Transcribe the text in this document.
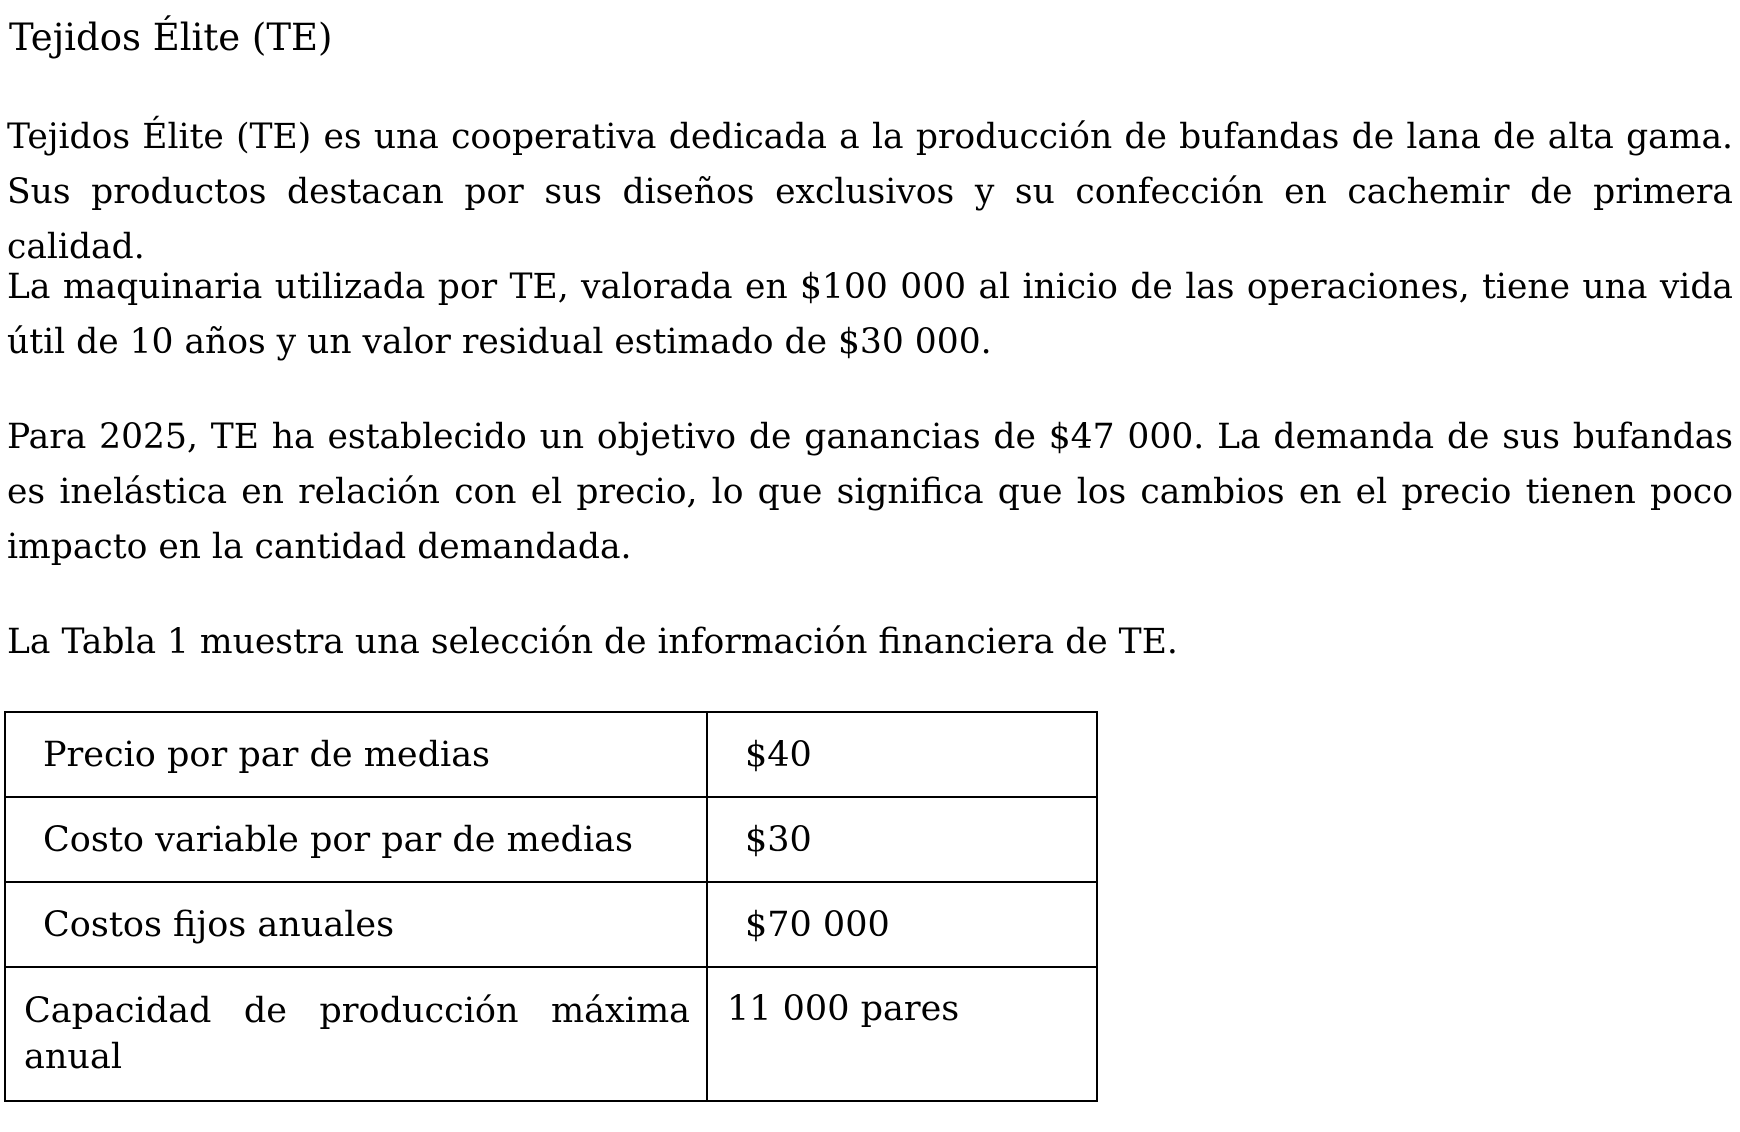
Tejidos Élite (TE)

Tejidos Élite (TE) es una cooperativa dedicada a la producción de bufandas de lana de alta gama. Sus productos destacan por sus diseños exclusivos y su confección en cachemir de primera calidad.

La maquinaria utilizada por TE, valorada en $100 000 al inicio de las operaciones, tiene una vida útil de 10 años y un valor residual estimado de $30 000.

Para 2025, TE ha establecido un objetivo de ganancias de $47 000. La demanda de sus bufandas es inelástica en relación con el precio, lo que significa que los cambios en el precio tienen poco impacto en la cantidad demandada.

La Tabla 1 muestra una selección de información financiera de TE.

Precio por par de medias	$40
Costo variable por par de medias	$30
Costos fijos anuales	$70 000
Capacidad de producción máxima anual	11 000 pares
